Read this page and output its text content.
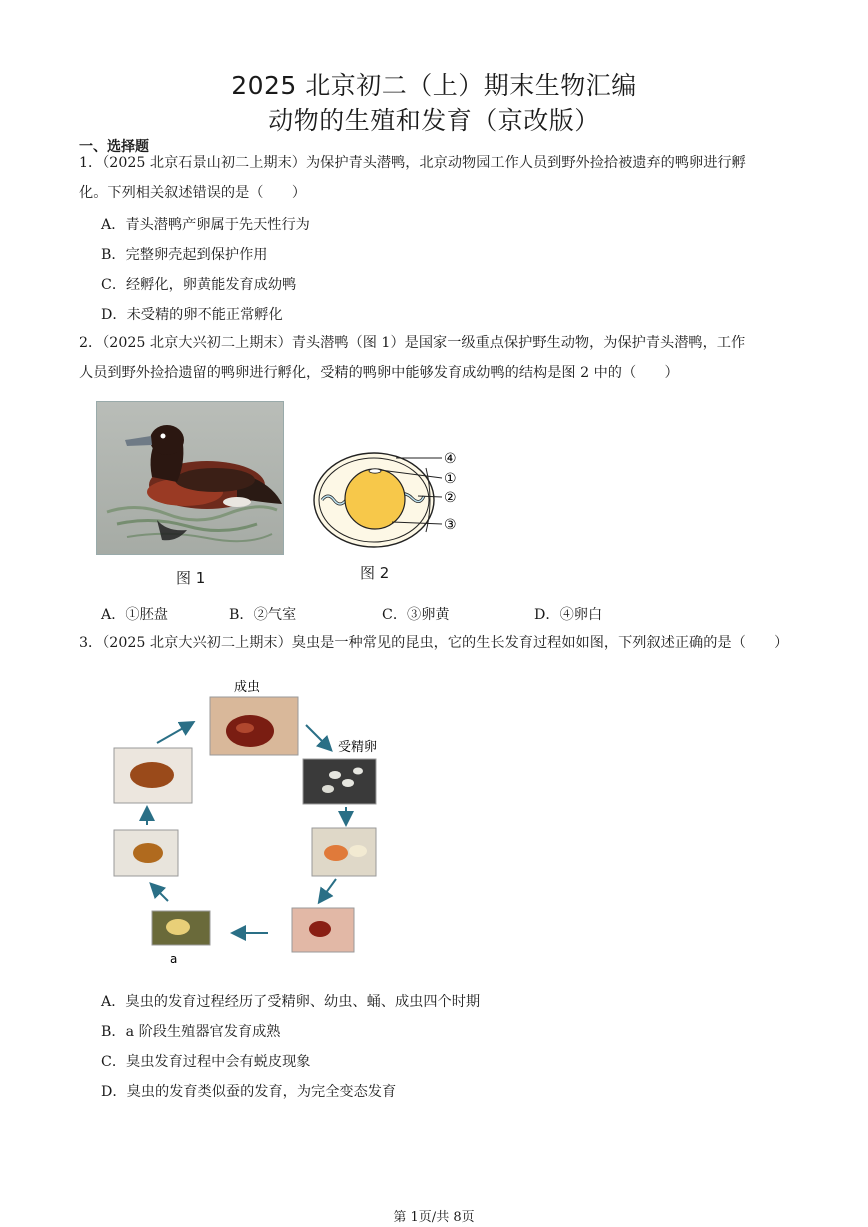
2025 北京初二（上）期末生物汇编
动物的生殖和发育（京改版）
一、选择题
1．（2025 北京石景山初二上期末）为保护青头潜鸭，北京动物园工作人员到野外捡拾被遗弃的鸭卵进行孵
化。下列相关叙述错误的是（　　）
A．青头潜鸭产卵属于先天性行为
B．完整卵壳起到保护作用
C．经孵化，卵黄能发育成幼鸭
D．未受精的卵不能正常孵化
2．（2025 北京大兴初二上期末）青头潜鸭（图 1）是国家一级重点保护野生动物，为保护青头潜鸭，工作
人员到野外捡拾遗留的鸭卵进行孵化，受精的鸭卵中能够发育成幼鸭的结构是图 2 中的（　　）
图 1
④
①
②
③
图 2
A．①胚盘	B．②气室	C．③卵黄	D．④卵白
3．（2025 北京大兴初二上期末）臭虫是一种常见的昆虫，它的生长发育过程如如图，下列叙述正确的是（　　）
成虫
受精卵
a
A．臭虫的发育过程经历了受精卵、幼虫、蛹、成虫四个时期
B．a 阶段生殖器官发育成熟
C．臭虫发育过程中会有蜕皮现象
D．臭虫的发育类似蚕的发育，为完全变态发育
第 1页/共 8页
